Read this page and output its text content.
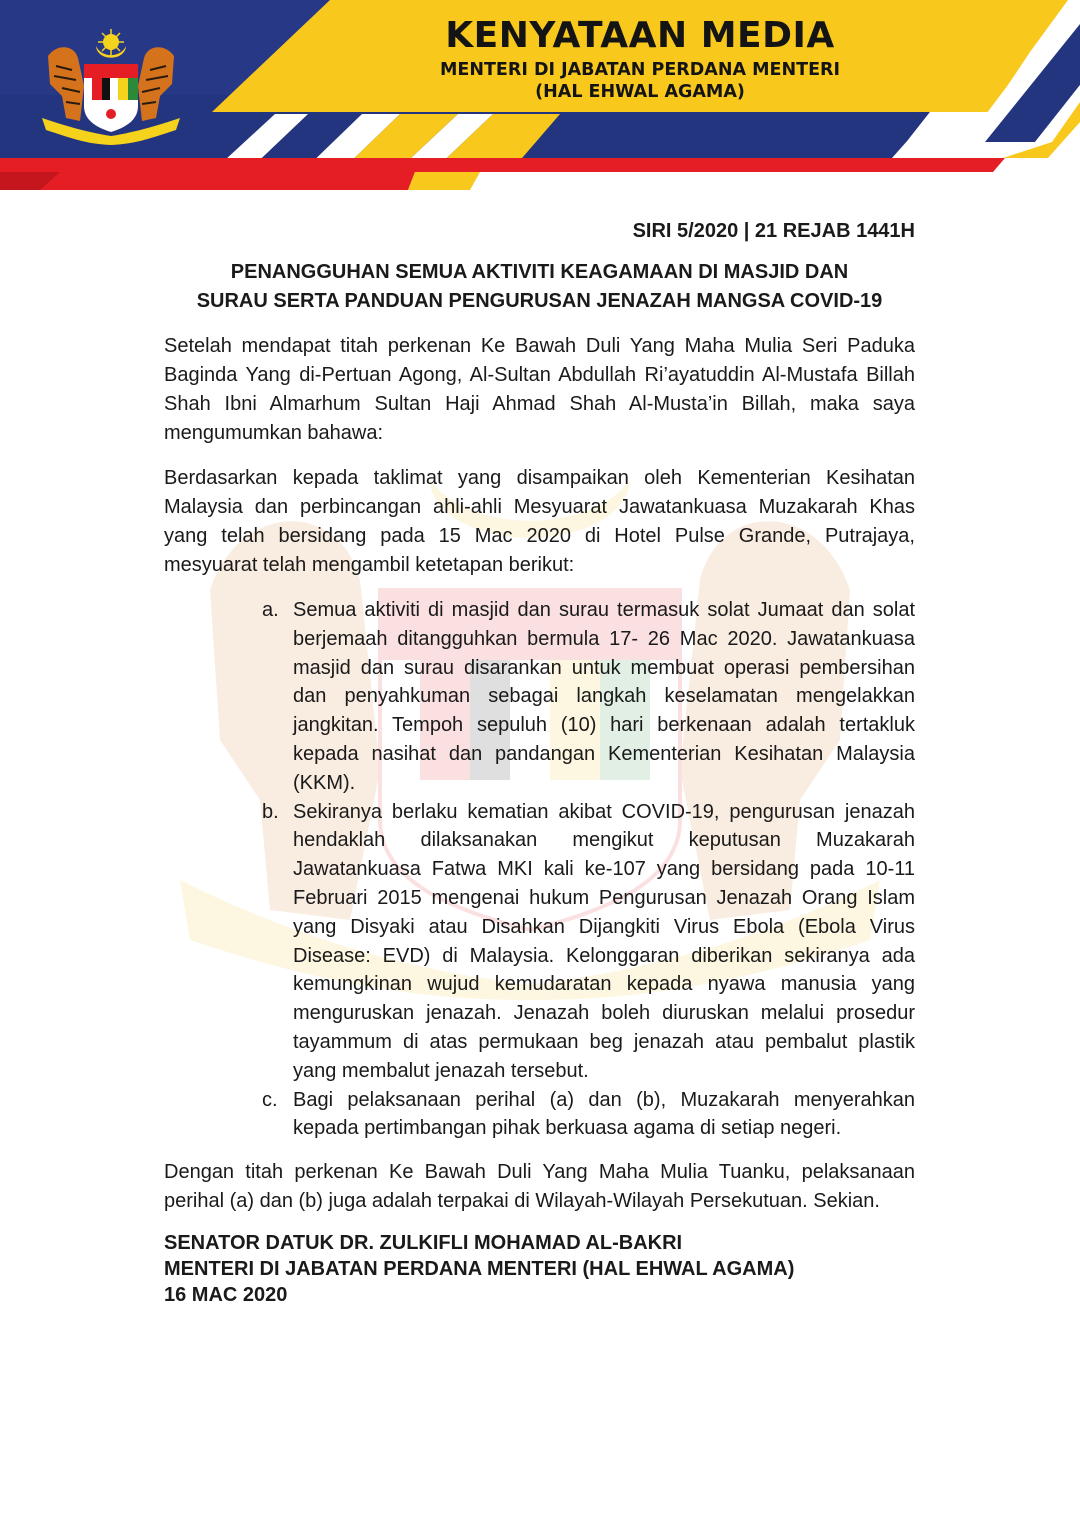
KENYATAAN MEDIA
MENTERI DI JABATAN PERDANA MENTERI
(HAL EHWAL AGAMA)
SIRI 5/2020 | 21 REJAB 1441H
PENANGGUHAN SEMUA AKTIVITI KEAGAMAAN DI MASJID DAN
SURAU SERTA PANDUAN PENGURUSAN JENAZAH MANGSA COVID-19

Setelah mendapat titah perkenan Ke Bawah Duli Yang Maha Mulia Seri Paduka Baginda Yang di-Pertuan Agong, Al-Sultan Abdullah Ri’ayatuddin Al-Mustafa Billah Shah Ibni Almarhum Sultan Haji Ahmad Shah Al-Musta’in Billah, maka saya mengumumkan bahawa:

Berdasarkan kepada taklimat yang disampaikan oleh Kementerian Kesihatan Malaysia dan perbincangan ahli-ahli Mesyuarat Jawatankuasa Muzakarah Khas yang telah bersidang pada 15 Mac 2020 di Hotel Pulse Grande, Putrajaya, mesyuarat telah mengambil ketetapan berikut:

a. Semua aktiviti di masjid dan surau termasuk solat Jumaat dan solat berjemaah ditangguhkan bermula 17- 26 Mac 2020. Jawatankuasa masjid dan surau disarankan untuk membuat operasi pembersihan dan penyahkuman sebagai langkah keselamatan mengelakkan jangkitan. Tempoh sepuluh (10) hari berkenaan adalah tertakluk kepada nasihat dan pandangan Kementerian Kesihatan Malaysia (KKM).
b. Sekiranya berlaku kematian akibat COVID-19, pengurusan jenazah hendaklah dilaksanakan mengikut keputusan Muzakarah Jawatankuasa Fatwa MKI kali ke-107 yang bersidang pada 10-11 Februari 2015 mengenai hukum Pengurusan Jenazah Orang Islam yang Disyaki atau Disahkan Dijangkiti Virus Ebola (Ebola Virus Disease: EVD) di Malaysia. Kelonggaran diberikan sekiranya ada kemungkinan wujud kemudaratan kepada nyawa manusia yang menguruskan jenazah. Jenazah boleh diuruskan melalui prosedur tayammum di atas permukaan beg jenazah atau pembalut plastik yang membalut jenazah tersebut.
c. Bagi pelaksanaan perihal (a) dan (b), Muzakarah menyerahkan kepada pertimbangan pihak berkuasa agama di setiap negeri.

Dengan titah perkenan Ke Bawah Duli Yang Maha Mulia Tuanku, pelaksanaan perihal (a) dan (b) juga adalah terpakai di Wilayah-Wilayah Persekutuan. Sekian.

SENATOR DATUK DR. ZULKIFLI MOHAMAD AL-BAKRI
MENTERI DI JABATAN PERDANA MENTERI (HAL EHWAL AGAMA)
16 MAC 2020
